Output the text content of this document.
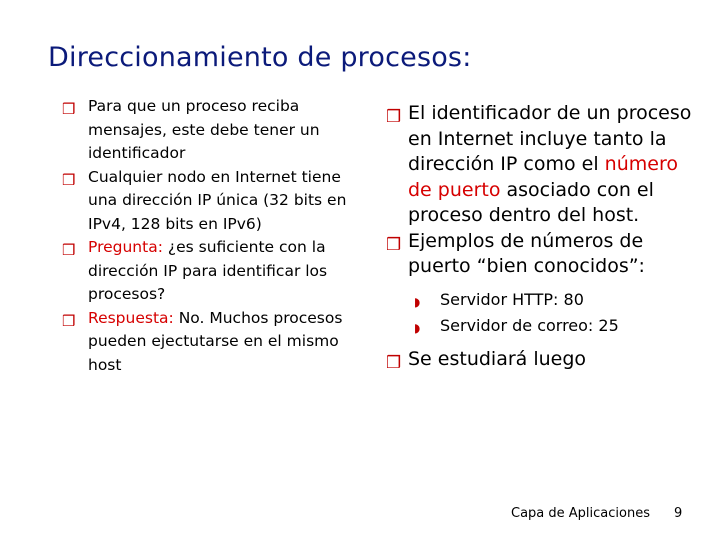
Direccionamiento de procesos:
❒ Para que un proceso reciba mensajes, este debe tener un identificador
❒ Cualquier nodo en Internet tiene una dirección IP única (32 bits en IPv4, 128 bits en IPv6)
❒ Pregunta: ¿es suficiente con la dirección IP para identificar los procesos?
❒ Respuesta: No. Muchos procesos pueden ejectutarse en el mismo host
❒ El identificador de un proceso en Internet incluye tanto la dirección IP como el número de puerto asociado con el proceso dentro del host.
❒ Ejemplos de números de puerto “bien conocidos”:
◗ Servidor HTTP: 80
◗ Servidor de correo: 25
❒ Se estudiará luego
Capa de Aplicaciones 9
